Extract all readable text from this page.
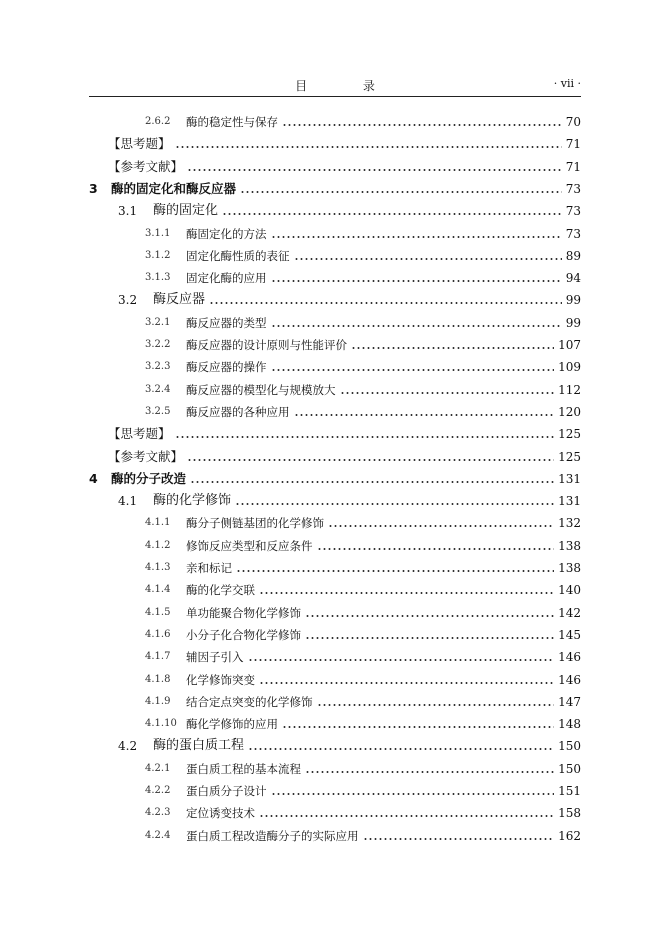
目 录	· vii ·
2.6.2	酶的稳定性与保存	70
【思考题】	71
【参考文献】	71
3	酶的固定化和酶反应器	73
3.1	酶的固定化	73
3.1.1	酶固定化的方法	73
3.1.2	固定化酶性质的表征	89
3.1.3	固定化酶的应用	94
3.2	酶反应器	99
3.2.1	酶反应器的类型	99
3.2.2	酶反应器的设计原则与性能评价	107
3.2.3	酶反应器的操作	109
3.2.4	酶反应器的模型化与规模放大	112
3.2.5	酶反应器的各种应用	120
【思考题】	125
【参考文献】	125
4	酶的分子改造	131
4.1	酶的化学修饰	131
4.1.1	酶分子侧链基团的化学修饰	132
4.1.2	修饰反应类型和反应条件	138
4.1.3	亲和标记	138
4.1.4	酶的化学交联	140
4.1.5	单功能聚合物化学修饰	142
4.1.6	小分子化合物化学修饰	145
4.1.7	辅因子引入	146
4.1.8	化学修饰突变	146
4.1.9	结合定点突变的化学修饰	147
4.1.10 酶化学修饰的应用	148
4.2	酶的蛋白质工程	150
4.2.1	蛋白质工程的基本流程	150
4.2.2	蛋白质分子设计	151
4.2.3	定位诱变技术	158
4.2.4	蛋白质工程改造酶分子的实际应用	162
